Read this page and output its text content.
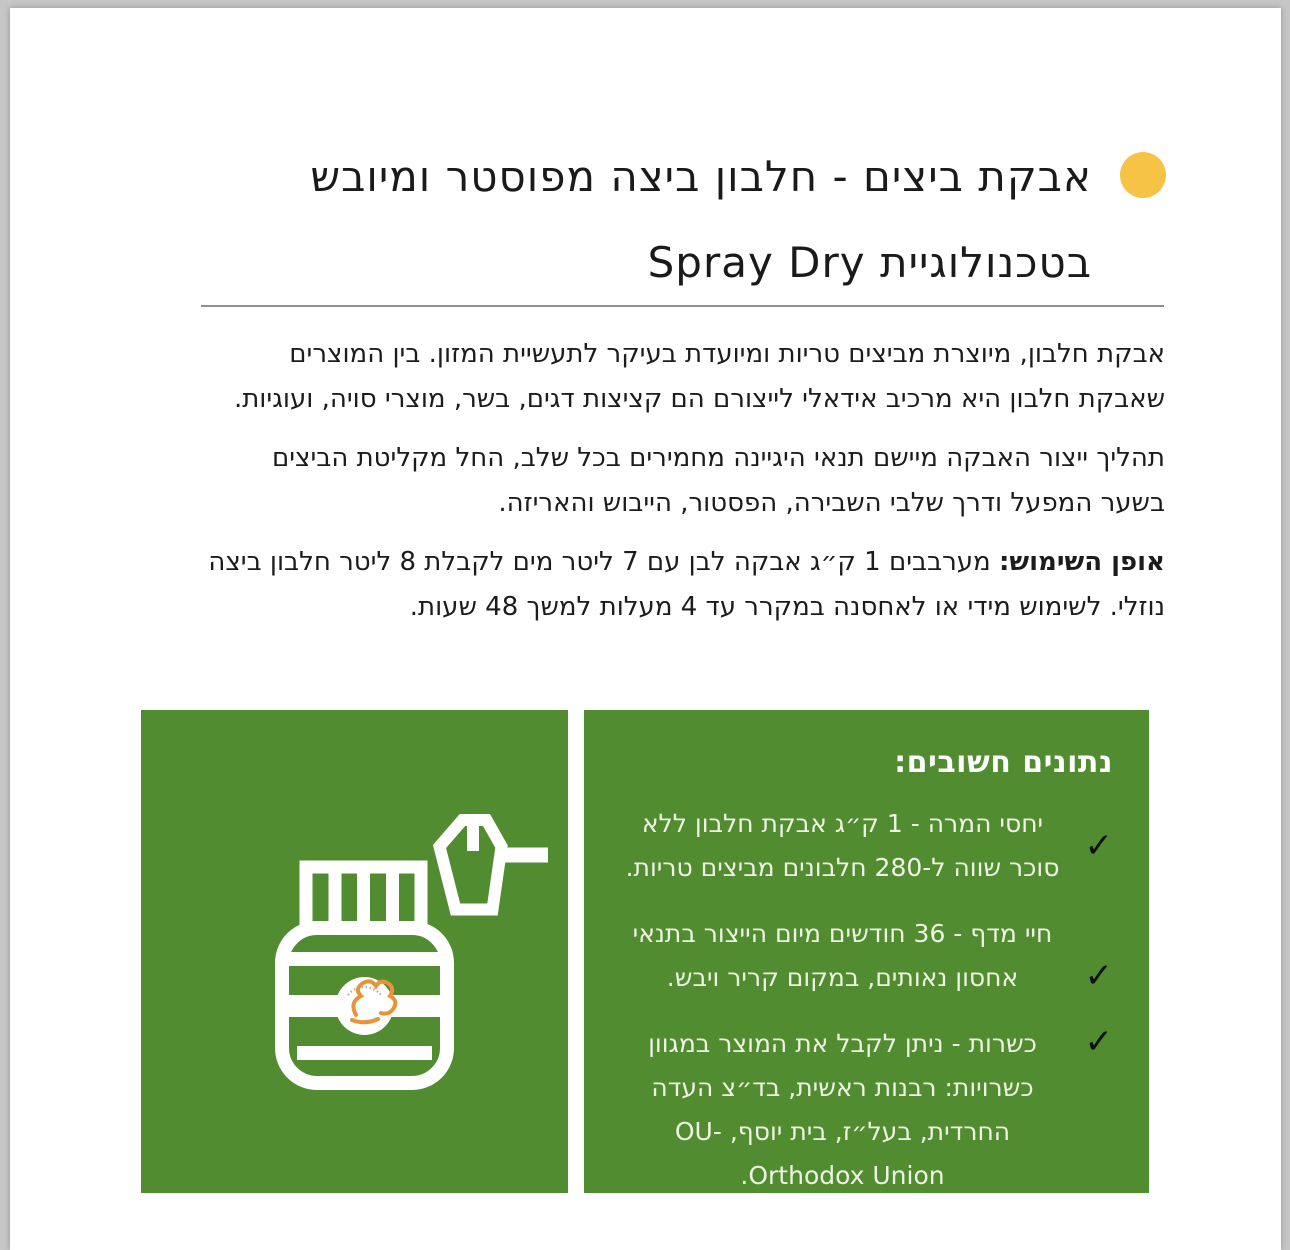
אבקת ביצים - חלבון ביצה מפוסטר ומיובש
בטכנולוגיית Spray Dry

אבקת חלבון, מיוצרת מביצים טריות ומיועדת בעיקר לתעשיית המזון. בין המוצרים שאבקת חלבון היא מרכיב אידאלי לייצורם הם קציצות דגים, בשר, מוצרי סויה, ועוגיות.

תהליך ייצור האבקה מיישם תנאי היגיינה מחמירים בכל שלב, החל מקליטת הביצים בשער המפעל ודרך שלבי השבירה, הפסטור, הייבוש והאריזה.

אופן השימוש: מערבבים 1 ק״ג אבקה לבן עם 7 ליטר מים לקבלת 8 ליטר חלבון ביצה נוזלי. לשימוש מידי או לאחסנה במקרר עד 4 מעלות למשך 48 שעות.

נתונים חשובים:
✓
יחסי המרה - 1 ק״ג אבקת חלבון ללא סוכר שווה ל-280 חלבונים מביצים טריות.
✓
חיי מדף - 36 חודשים מיום הייצור בתנאי אחסון נאותים, במקום קריר ויבש.
✓
כשרות - ניתן לקבל את המוצר במגוון כשרויות: רבנות ראשית, בד״צ העדה החרדית, בעל״ז, בית יוסף, OU- Orthodox Union.
